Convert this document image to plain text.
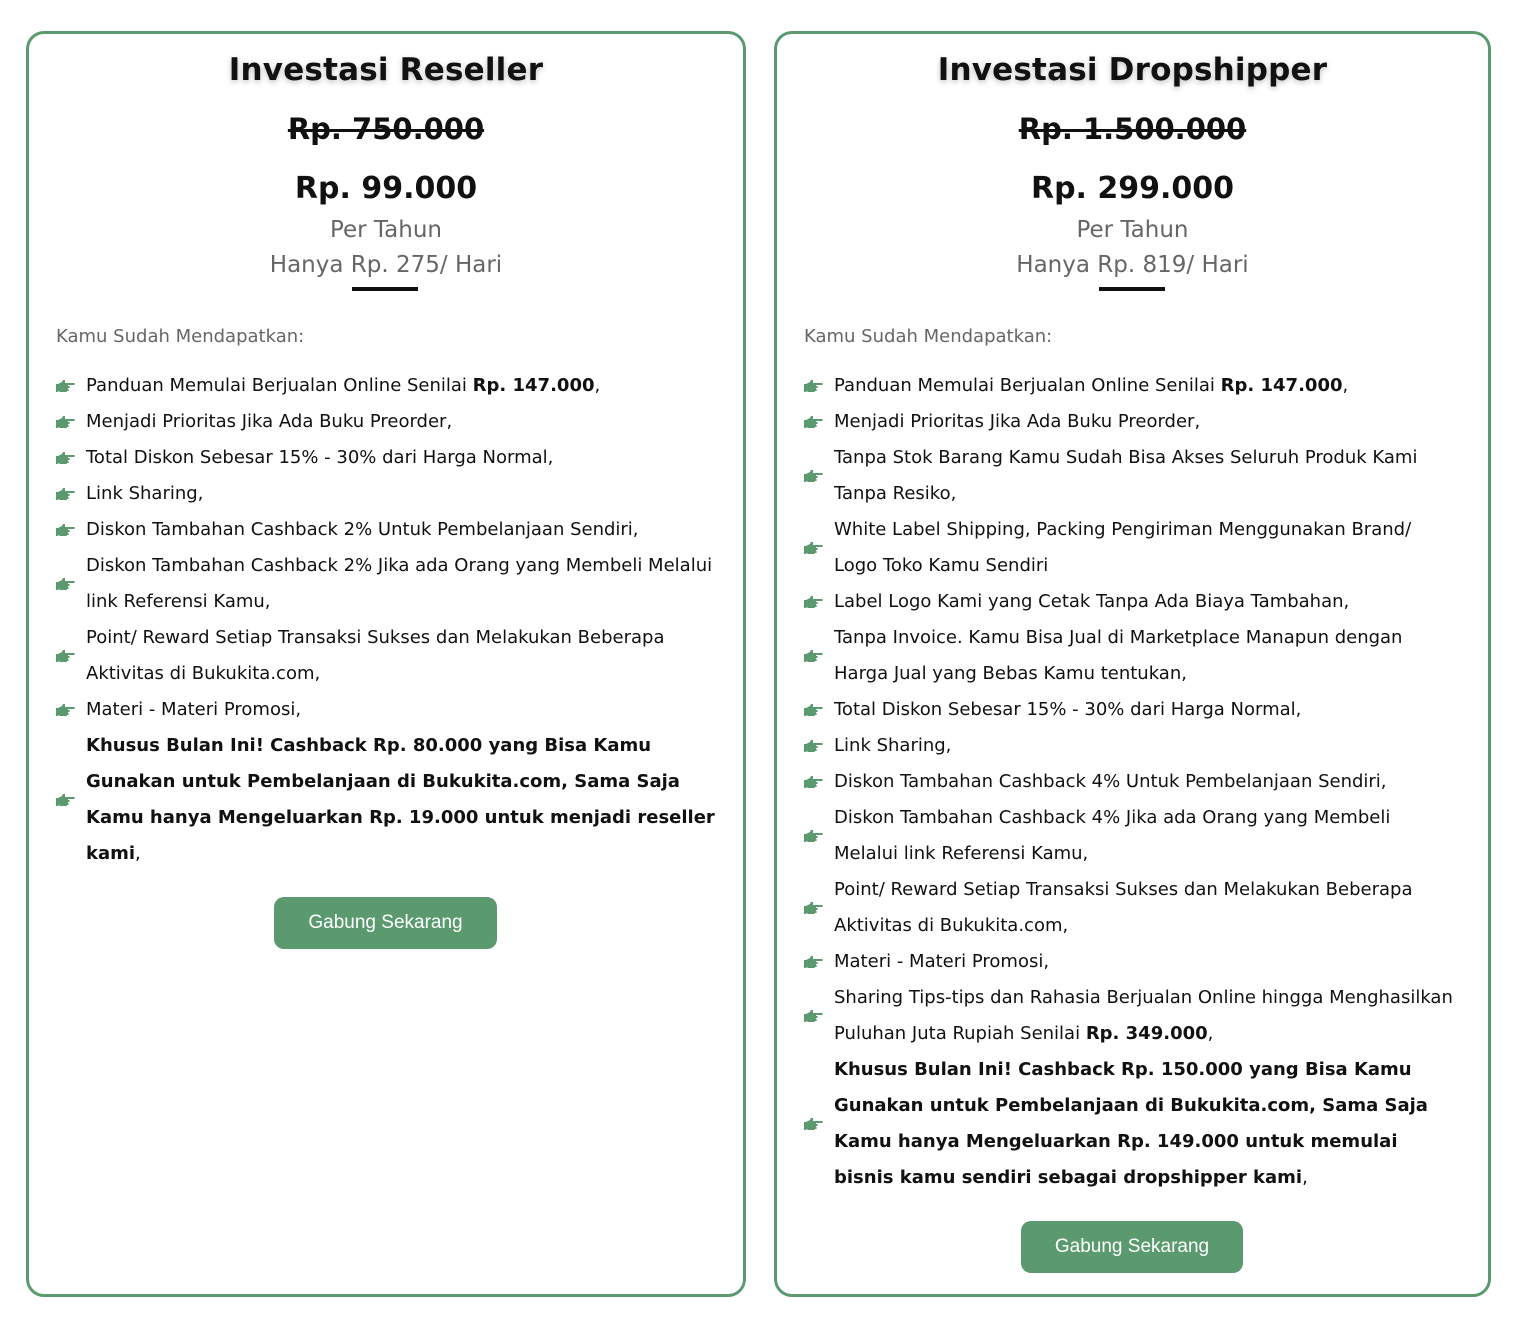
Investasi Reseller
Rp. 750.000
Rp. 99.000
Per Tahun
Hanya Rp. 275/ Hari
Kamu Sudah Mendapatkan:
Panduan Memulai Berjualan Online Senilai Rp. 147.000,
Menjadi Prioritas Jika Ada Buku Preorder,
Total Diskon Sebesar 15% - 30% dari Harga Normal,
Link Sharing,
Diskon Tambahan Cashback 2% Untuk Pembelanjaan Sendiri,
Diskon Tambahan Cashback 2% Jika ada Orang yang Membeli Melalui link Referensi Kamu,
Point/ Reward Setiap Transaksi Sukses dan Melakukan Beberapa Aktivitas di Bukukita.com,
Materi - Materi Promosi,
Khusus Bulan Ini! Cashback Rp. 80.000 yang Bisa Kamu Gunakan untuk Pembelanjaan di Bukukita.com, Sama Saja Kamu hanya Mengeluarkan Rp. 19.000 untuk menjadi reseller kami,
Gabung Sekarang
Investasi Dropshipper
Rp. 1.500.000
Rp. 299.000
Per Tahun
Hanya Rp. 819/ Hari
Kamu Sudah Mendapatkan:
Panduan Memulai Berjualan Online Senilai Rp. 147.000,
Menjadi Prioritas Jika Ada Buku Preorder,
Tanpa Stok Barang Kamu Sudah Bisa Akses Seluruh Produk Kami Tanpa Resiko,
White Label Shipping, Packing Pengiriman Menggunakan Brand/ Logo Toko Kamu Sendiri
Label Logo Kami yang Cetak Tanpa Ada Biaya Tambahan,
Tanpa Invoice. Kamu Bisa Jual di Marketplace Manapun dengan Harga Jual yang Bebas Kamu tentukan,
Total Diskon Sebesar 15% - 30% dari Harga Normal,
Link Sharing,
Diskon Tambahan Cashback 4% Untuk Pembelanjaan Sendiri,
Diskon Tambahan Cashback 4% Jika ada Orang yang Membeli Melalui link Referensi Kamu,
Point/ Reward Setiap Transaksi Sukses dan Melakukan Beberapa Aktivitas di Bukukita.com,
Materi - Materi Promosi,
Sharing Tips-tips dan Rahasia Berjualan Online hingga Menghasilkan Puluhan Juta Rupiah Senilai Rp. 349.000,
Khusus Bulan Ini! Cashback Rp. 150.000 yang Bisa Kamu Gunakan untuk Pembelanjaan di Bukukita.com, Sama Saja Kamu hanya Mengeluarkan Rp. 149.000 untuk memulai bisnis kamu sendiri sebagai dropshipper kami,
Gabung Sekarang
